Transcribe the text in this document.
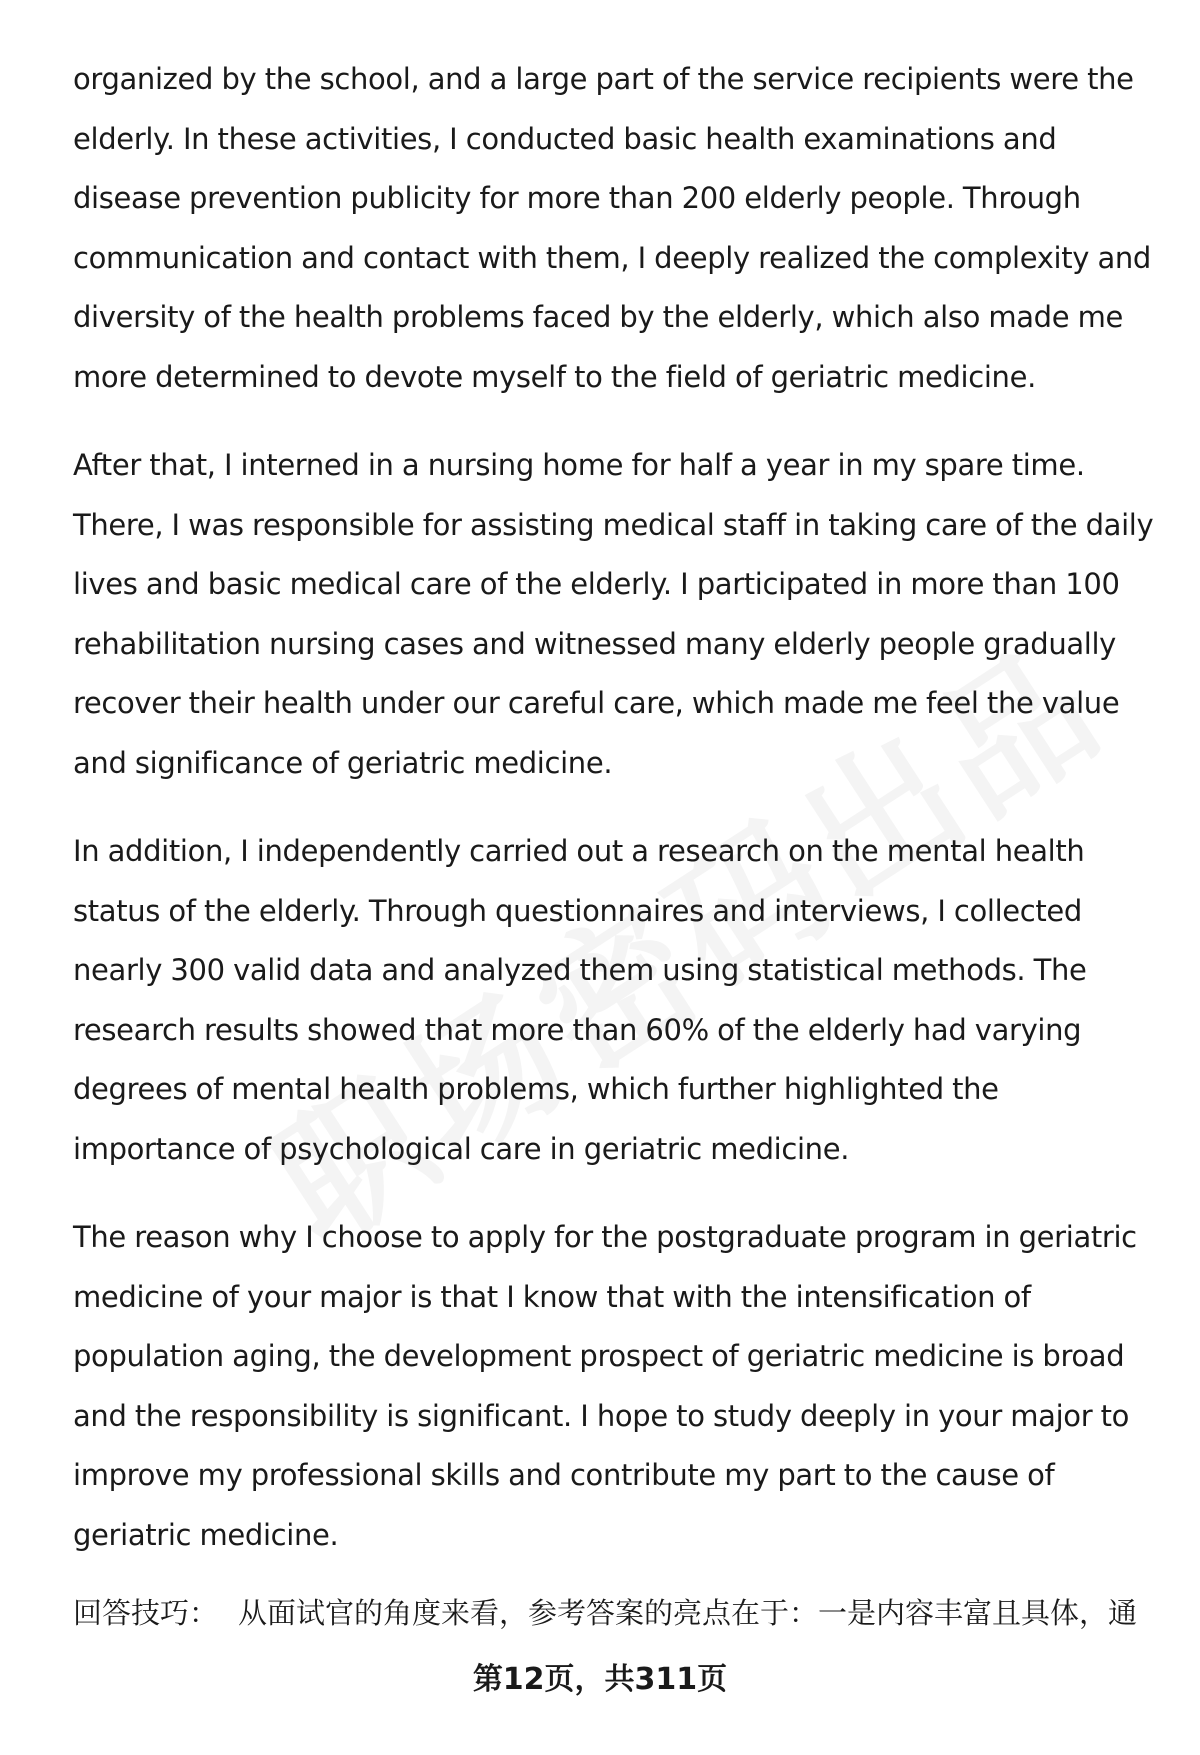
organized by the school, and a large part of the service recipients were the elderly. In these activities, I conducted basic health examinations and disease prevention publicity for more than 200 elderly people. Through communication and contact with them, I deeply realized the complexity and diversity of the health problems faced by the elderly, which also made me more determined to devote myself to the field of geriatric medicine.

After that, I interned in a nursing home for half a year in my spare time. There, I was responsible for assisting medical staff in taking care of the daily lives and basic medical care of the elderly. I participated in more than 100 rehabilitation nursing cases and witnessed many elderly people gradually recover their health under our careful care, which made me feel the value and significance of geriatric medicine.

In addition, I independently carried out a research on the mental health status of the elderly. Through questionnaires and interviews, I collected nearly 300 valid data and analyzed them using statistical methods. The research results showed that more than 60% of the elderly had varying degrees of mental health problems, which further highlighted the importance of psychological care in geriatric medicine.

The reason why I choose to apply for the postgraduate program in geriatric medicine of your major is that I know that with the intensification of population aging, the development prospect of geriatric medicine is broad and the responsibility is significant. I hope to study deeply in your major to improve my professional skills and contribute my part to the cause of geriatric medicine.

回答技巧： 从面试官的角度来看，参考答案的亮点在于：一是内容丰富且具体，通
第12页，共311页
